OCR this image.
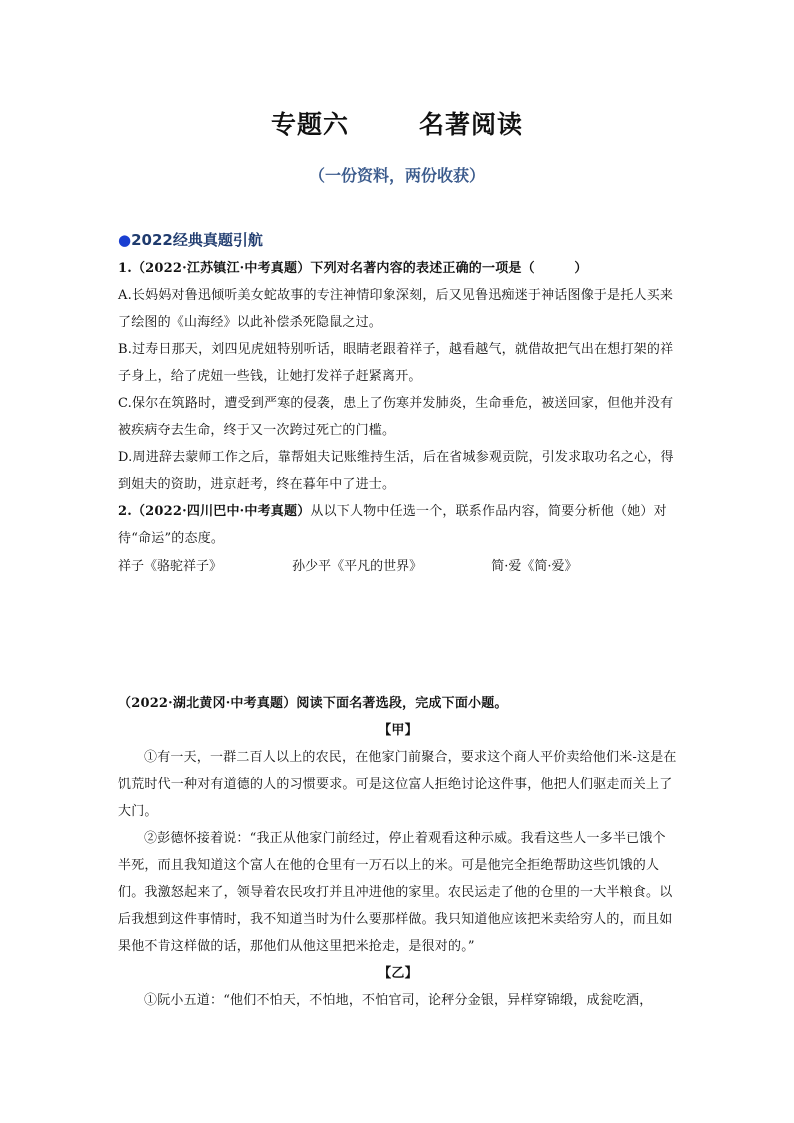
专题六	名著阅读
（一份资料，两份收获）
●2022经典真题引航
1.（2022·江苏镇江·中考真题）下列对名著内容的表述正确的一项是（　　　）
A.长妈妈对鲁迅倾听美女蛇故事的专注神情印象深刻，后又见鲁迅痴迷于神话图像于是托人买来了绘图的《山海经》以此补偿杀死隐鼠之过。
B.过寿日那天，刘四见虎妞特别听话，眼睛老跟着祥子，越看越气，就借故把气出在想打架的祥子身上，给了虎妞一些钱，让她打发祥子赶紧离开。
C.保尔在筑路时，遭受到严寒的侵袭，患上了伤寒并发肺炎，生命垂危，被送回家，但他并没有被疾病夺去生命，终于又一次跨过死亡的门槛。
D.周进辞去蒙师工作之后，靠帮姐夫记账维持生活，后在省城参观贡院，引发求取功名之心，得到姐夫的资助，进京赶考，终在暮年中了进士。
2.（2022·四川巴中·中考真题）从以下人物中任选一个，联系作品内容，简要分析他（她）对待“命运”的态度。
祥子《骆驼祥子》	孙少平《平凡的世界》	简·爱《简·爱》
（2022·湖北黄冈·中考真题）阅读下面名著选段，完成下面小题。
【甲】
①有一天，一群二百人以上的农民，在他家门前聚合，要求这个商人平价卖给他们米-这是在饥荒时代一种对有道德的人的习惯要求。可是这位富人拒绝讨论这件事，他把人们驱走而关上了大门。
②彭德怀接着说：“我正从他家门前经过，停止着观看这种示威。我看这些人一多半已饿个半死，而且我知道这个富人在他的仓里有一万石以上的米。可是他完全拒绝帮助这些饥饿的人们。我激怒起来了，领导着农民攻打并且冲进他的家里。农民运走了他的仓里的一大半粮食。以后我想到这件事情时，我不知道当时为什么要那样做。我只知道他应该把米卖给穷人的，而且如果他不肯这样做的话，那他们从他这里把米抢走，是很对的。”
【乙】
①阮小五道：“他们不怕天，不怕地，不怕官司，论秤分金银，异样穿锦缎，成瓮吃酒，
